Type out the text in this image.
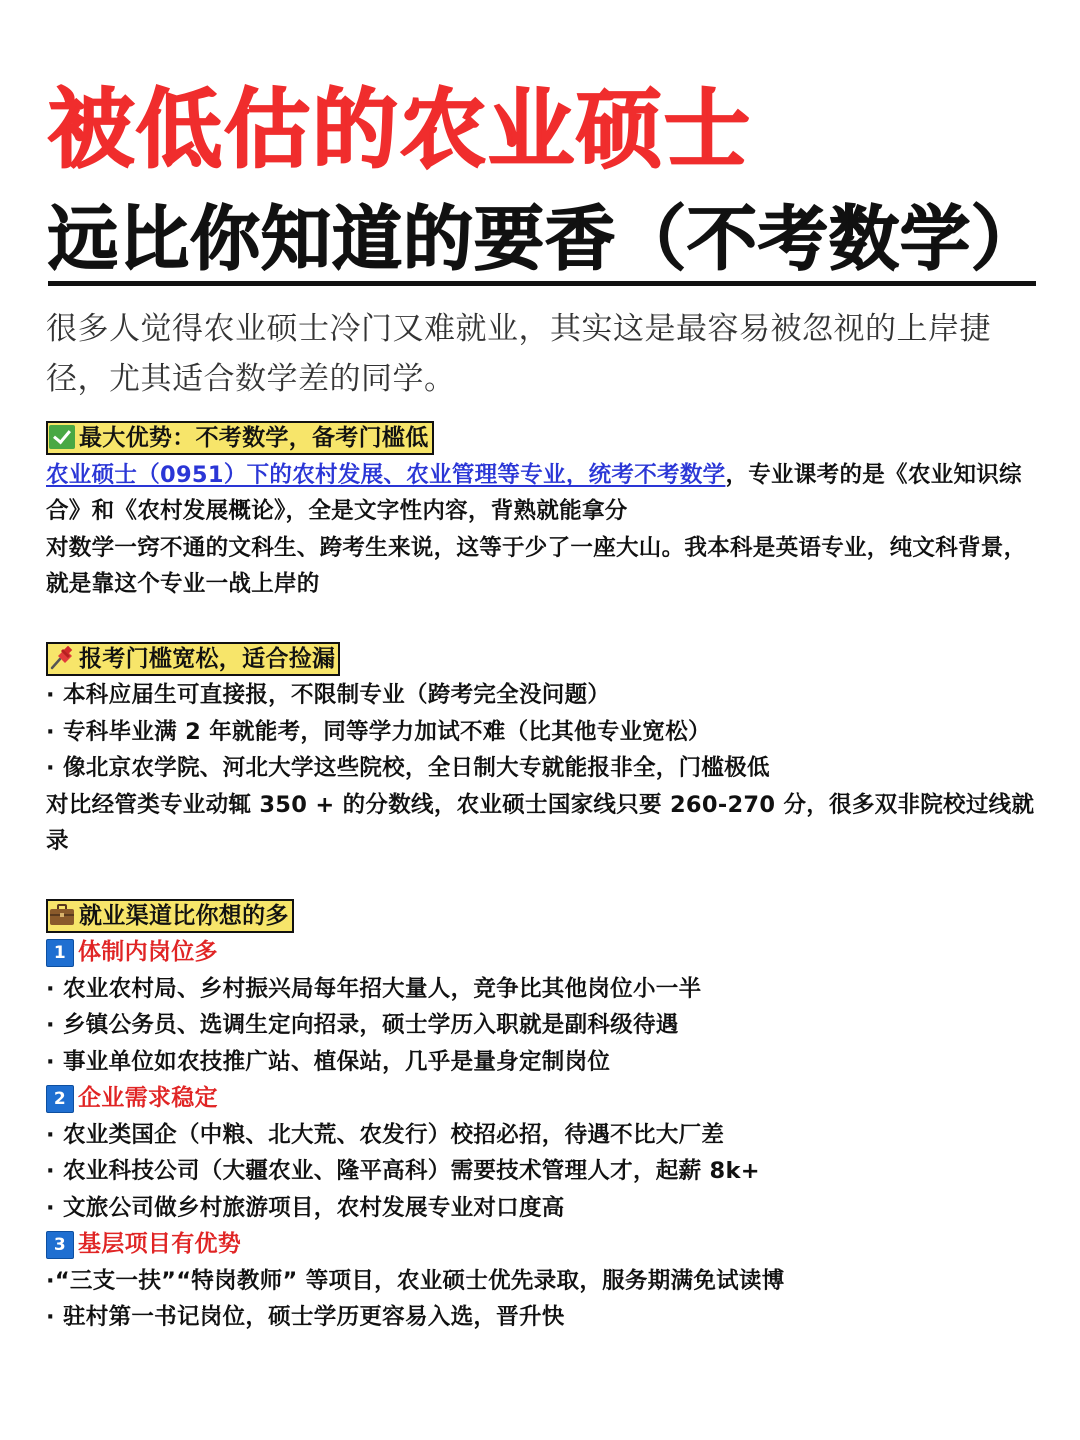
被低估的农业硕士
远比你知道的要香（不考数学）
很多人觉得农业硕士冷门又难就业，其实这是最容易被忽视的上岸捷径，尤其适合数学差的同学。
最大优势：不考数学，备考门槛低

农业硕士（0951）下的农村发展、农业管理等专业，统考不考数学，专业课考的是《农业知识综合》和《农村发展概论》，全是文字性内容，背熟就能拿分

对数学一窍不通的文科生、跨考生来说，这等于少了一座大山。我本科是英语专业，纯文科背景，就是靠这个专业一战上岸的

报考门槛宽松，适合捡漏

· 本科应届生可直接报，不限制专业（跨考完全没问题）

· 专科毕业满 2 年就能考，同等学力加试不难（比其他专业宽松）

· 像北京农学院、河北大学这些院校，全日制大专就能报非全，门槛极低

对比经管类专业动辄 350 + 的分数线，农业硕士国家线只要 260-270 分，很多双非院校过线就录

就业渠道比你想的多
1 体制内岗位多

· 农业农村局、乡村振兴局每年招大量人，竞争比其他岗位小一半

· 乡镇公务员、选调生定向招录，硕士学历入职就是副科级待遇

· 事业单位如农技推广站、植保站，几乎是量身定制岗位

2 企业需求稳定

· 农业类国企（中粮、北大荒、农发行）校招必招，待遇不比大厂差

· 农业科技公司（大疆农业、隆平高科）需要技术管理人才，起薪 8k+

· 文旅公司做乡村旅游项目，农村发展专业对口度高

3 基层项目有优势

·“三支一扶”“特岗教师” 等项目，农业硕士优先录取，服务期满免试读博

· 驻村第一书记岗位，硕士学历更容易入选，晋升快
